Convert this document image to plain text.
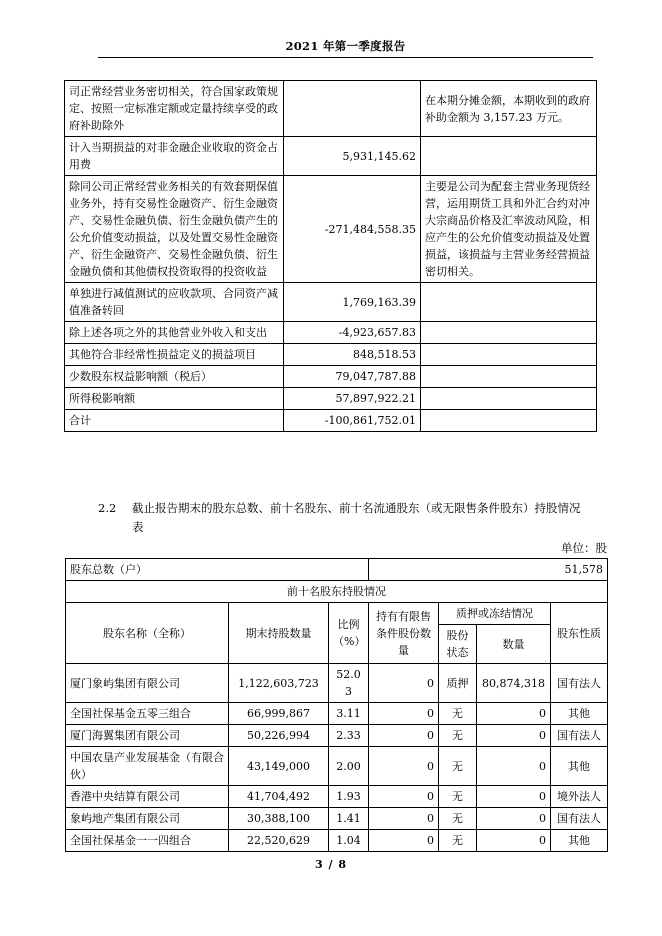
2021 年第一季度报告
司正常经营业务密切相关，符合国家政策规定、按照一定标准定额或定量持续享受的政府补助除外		在本期分摊金额，本期收到的政府补助金额为 3,157.23 万元。
计入当期损益的对非金融企业收取的资金占用费	5,931,145.62	
除同公司正常经营业务相关的有效套期保值业务外，持有交易性金融资产、衍生金融资产、交易性金融负债、衍生金融负债产生的公允价值变动损益，以及处置交易性金融资产、衍生金融资产、交易性金融负债、衍生金融负债和其他债权投资取得的投资收益	-271,484,558.35	主要是公司为配套主营业务现货经营，运用期货工具和外汇合约对冲大宗商品价格及汇率波动风险，相应产生的公允价值变动损益及处置损益，该损益与主营业务经营损益密切相关。
单独进行减值测试的应收款项、合同资产减值准备转回	1,769,163.39	
除上述各项之外的其他营业外收入和支出	-4,923,657.83	
其他符合非经常性损益定义的损益项目	848,518.53	
少数股东权益影响额（税后）	79,047,787.88	
所得税影响额	57,897,922.21	
合计	-100,861,752.01	
2.2 截止报告期末的股东总数、前十名股东、前十名流通股东（或无限售条件股东）持股情况
表
单位：股
股东总数（户）			51,578			
前十名股东持股情况						
股东名称（全称）	期末持股数量	比例（%）	持有有限售条件股份数量	质押或冻结情况		股东性质
				股份状态	数量	
厦门象屿集团有限公司	1,122,603,723	52.03	0	质押	80,874,318	国有法人
全国社保基金五零三组合	66,999,867	3.11	0	无	0	其他
厦门海翼集团有限公司	50,226,994	2.33	0	无	0	国有法人
中国农垦产业发展基金（有限合伙）	43,149,000	2.00	0	无	0	其他
香港中央结算有限公司	41,704,492	1.93	0	无	0	境外法人
象屿地产集团有限公司	30,388,100	1.41	0	无	0	国有法人
全国社保基金一一四组合	22,520,629	1.04	0	无	0	其他
3 / 8
